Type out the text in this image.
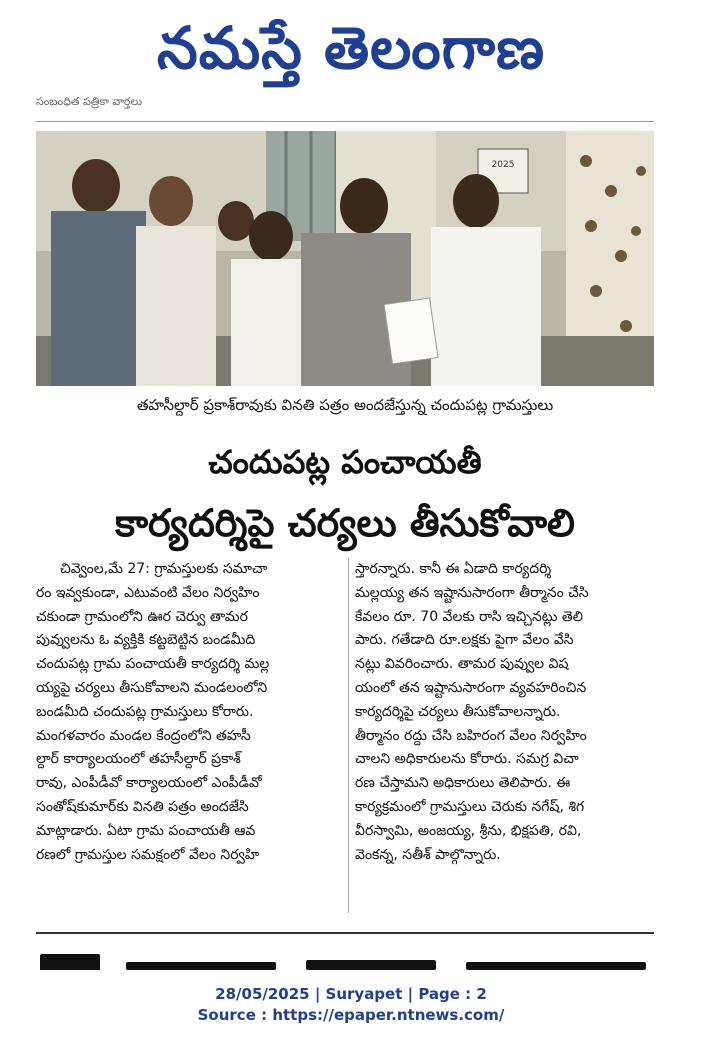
నమస్తే తెలంగాణ
సంబంధిత పత్రికా వార్తలు
2025
తహసీల్దార్ ప్రకాశ్‌రావుకు వినతి పత్రం అందజేస్తున్న చందుపట్ల గ్రామస్తులు
చందుపట్ల పంచాయతీ
కార్యదర్శిపై చర్యలు తీసుకోవాలి
చివ్వెంల,మే 27: గ్రామస్తులకు సమాచా
రం ఇవ్వకుండా, ఎటువంటి వేలం నిర్వహిం
చకుండా గ్రామంలోని ఊర చెర్వు తామర
పువ్వులను ఓ వ్యక్తికి కట్టబెట్టిన బండమీది
చందుపట్ల గ్రామ పంచాయతీ కార్యదర్శి మల్ల
య్యపై చర్యలు తీసుకోవాలని మండలంలోని
బండమీది చందుపట్ల గ్రామస్తులు కోరారు.
మంగళవారం మండల కేంద్రంలోని తహసీ
ల్దార్ కార్యాలయంలో తహసీల్దార్ ప్రకాశ్
రావు, ఎంపీడీవో కార్యాలయంలో ఎంపీడీవో
సంతోష్‌కుమార్‌కు వినతి పత్రం అందజేసి
మాట్లాడారు. ఏటా గ్రామ పంచాయతీ ఆవ
రణలో గ్రామస్తుల సమక్షంలో వేలం నిర్వహి
స్తారన్నారు. కానీ ఈ ఏడాది కార్యదర్శి
మల్లయ్య తన ఇష్టానుసారంగా తీర్మానం చేసి
కేవలం రూ. 70 వేలకు రాసి ఇచ్చినట్లు తెలి
పారు. గతేడాది రూ.లక్షకు పైగా వేలం వేసి
నట్లు వివరించారు. తామర పువ్వుల విష
యంలో తన ఇష్టానుసారంగా వ్యవహరించిన
కార్యదర్శిపై చర్యలు తీసుకోవాలన్నారు.
తీర్మానం రద్దు చేసి బహిరంగ వేలం నిర్వహిం
చాలని అధికారులను కోరారు. సమగ్ర విచా
రణ చేస్తామని అధికారులు తెలిపారు. ఈ
కార్యక్రమంలో గ్రామస్తులు చెరుకు నగేష్, శిగ
వీరస్వామి, అంజయ్య, శ్రీను, భిక్షపతి, రవి,
వెంకన్న, సతీశ్ పాల్గొన్నారు.
28/05/2025 | Suryapet | Page : 2
Source : https://epaper.ntnews.com/
